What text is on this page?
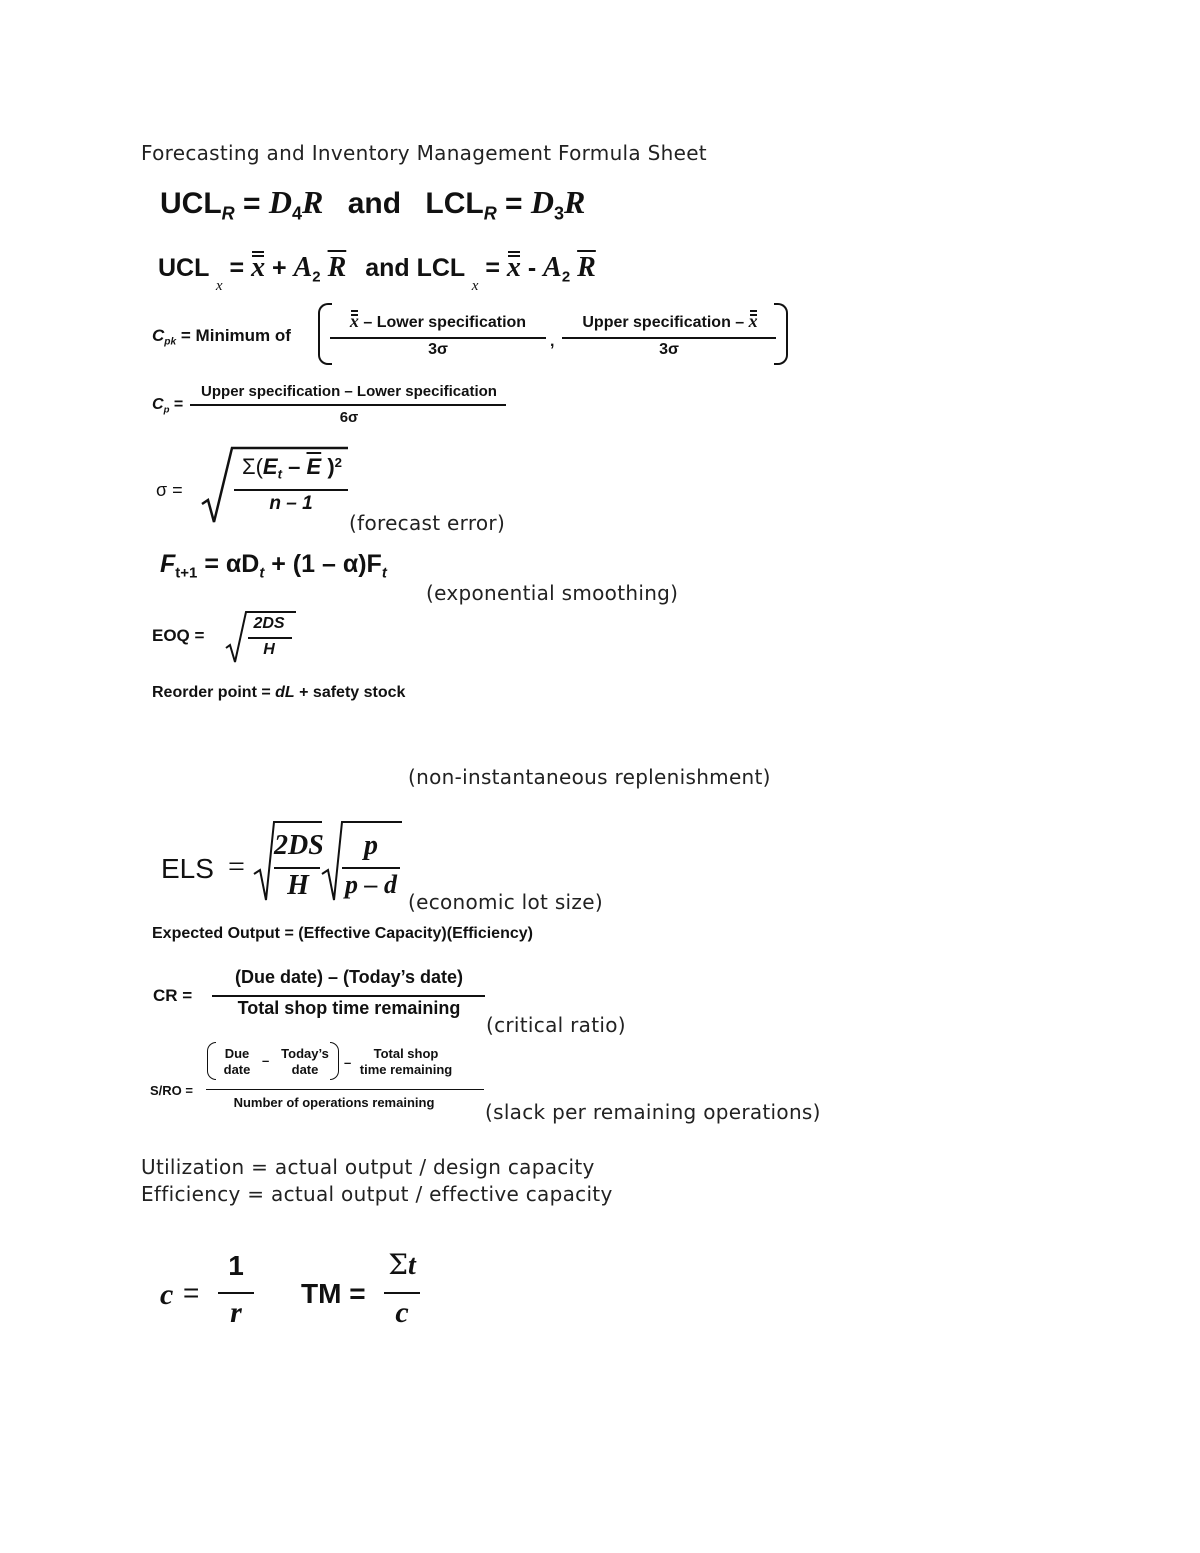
Forecasting and Inventory Management Formula Sheet
$UCL_R = D_4R$ and $LCL_R = D_3R$
UCL $_x = x + A_2$ $\overline{R}$ and LCL $_x = x - A_2$ $\overline{R}$
$C_{pk}$ = Minimum of
x – Lower specification
3σ	,
Upper specification – x
3σ
$C_p$ =
Upper specification – Lower specification
6σ
σ =
$\Sigma(E_t - \overline{E}$ )$^2$
n – 1
(forecast error)
$F_{t+1} = \alpha D_t + (1 - \alpha)F_t$
(exponential smoothing)
EOQ =
2DS
H
Reorder point = dL + safety stock
(non-instantaneous replenishment)
ELS =
2DS
H
p
p – d
(economic lot size)
Expected Output = (Effective Capacity)(Efficiency)
CR =
(Due date) – (Today’s date)
Total shop time remaining
(critical ratio)
S/RO =
Due
date
– Today’s
date	–
Total shop
time remaining
Number of operations remaining	(slack per remaining operations)
Utilization = actual output / design capacity
Efficiency = actual output / effective capacity
c =
1
r
TM =
Σt
c
